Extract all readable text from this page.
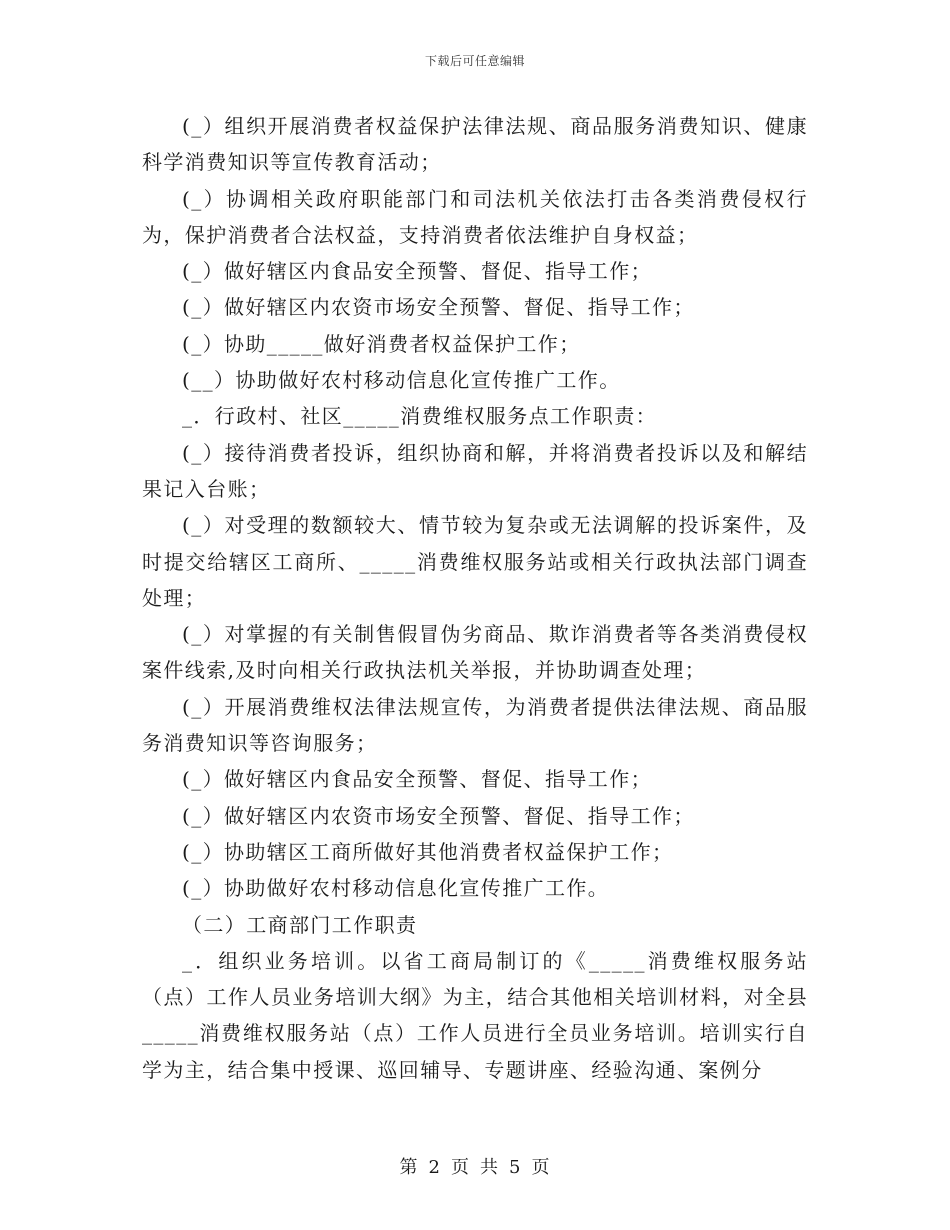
下载后可任意编辑

(_）组织开展消费者权益保护法律法规、商品服务消费知识、健康科学消费知识等宣传教育活动；

(_）协调相关政府职能部门和司法机关依法打击各类消费侵权行为，保护消费者合法权益，支持消费者依法维护自身权益；

(_）做好辖区内食品安全预警、督促、指导工作；

(_）做好辖区内农资市场安全预警、督促、指导工作；

(_）协助_____做好消费者权益保护工作；

(__）协助做好农村移动信息化宣传推广工作。

_．行政村、社区_____消费维权服务点工作职责：

(_）接待消费者投诉，组织协商和解，并将消费者投诉以及和解结果记入台账；

(_）对受理的数额较大、情节较为复杂或无法调解的投诉案件，及时提交给辖区工商所、_____消费维权服务站或相关行政执法部门调查处理；

(_）对掌握的有关制售假冒伪劣商品、欺诈消费者等各类消费侵权案件线索,及时向相关行政执法机关举报，并协助调查处理；

(_）开展消费维权法律法规宣传，为消费者提供法律法规、商品服务消费知识等咨询服务；

(_）做好辖区内食品安全预警、督促、指导工作；

(_）做好辖区内农资市场安全预警、督促、指导工作；

(_）协助辖区工商所做好其他消费者权益保护工作；

(_）协助做好农村移动信息化宣传推广工作。

（二）工商部门工作职责

_．组织业务培训。以省工商局制订的《_____消费维权服务站（点）工作人员业务培训大纲》为主，结合其他相关培训材料，对全县_____消费维权服务站（点）工作人员进行全员业务培训。培训实行自学为主，结合集中授课、巡回辅导、专题讲座、经验沟通、案例分

第 2 页 共 5 页
